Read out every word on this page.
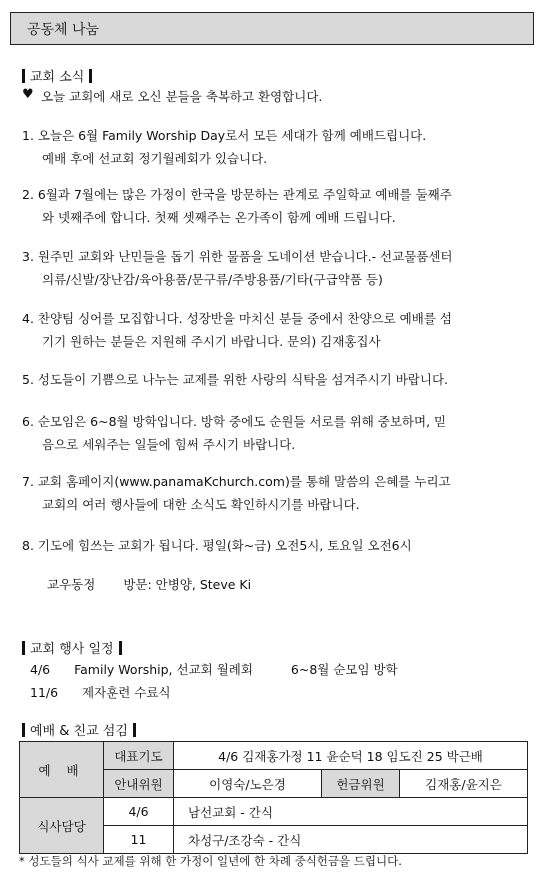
공동체 나눔
교회 소식
♥ 오늘 교회에 새로 오신 분들을 축복하고 환영합니다.
1. 오늘은 6월 Family Worship Day로서 모든 세대가 함께 예배드립니다.
예배 후에 선교회 정기월례회가 있습니다.
2. 6월과 7월에는 많은 가정이 한국을 방문하는 관계로 주일학교 예배를 둘째주
와 넷째주에 합니다. 첫째 셋째주는 온가족이 함께 예배 드립니다.
3. 원주민 교회와 난민들을 돕기 위한 물품을 도네이션 받습니다.- 선교물품센터
의류/신발/장난감/육아용품/문구류/주방용품/기타(구급약품 등)
4. 찬양팀 싱어를 모집합니다. 성장반을 마치신 분들 중에서 찬양으로 예배를 섬
기기 원하는 분들은 지원해 주시기 바랍니다. 문의) 김재홍집사
5. 성도들이 기쁨으로 나누는 교제를 위한 사랑의 식탁을 섬겨주시기 바랍니다.
6. 순모임은 6~8월 방학입니다. 방학 중에도 순원들 서로를 위해 중보하며, 믿
음으로 세워주는 일들에 힘써 주시기 바랍니다.
7. 교회 홈페이지(www.panamaKchurch.com)를 통해 말씀의 은혜를 누리고
교회의 여러 행사들에 대한 소식도 확인하시기를 바랍니다.
8. 기도에 힘쓰는 교회가 됩니다. 평일(화~금) 오전5시, 토요일 오전6시
교우동정 방문: 안병양, Steve Ki
교회 행사 일정
4/6 Family Worship, 선교회 월례회	6~8월 순모임 방학
11/6 제자훈련 수료식
예배 & 친교 섬김
예 배	대표기도	4/6 김재홍가정 11 윤순덕 18 임도진 25 박근배		
	안내위원	이영숙/노은경	헌금위원	김재홍/윤지은
식사담당	4/6	남선교회 - 간식		
	11	차성구/조강숙 - 간식		
* 성도들의 식사 교제를 위해 한 가정이 일년에 한 차례 중식헌금을 드립니다.
